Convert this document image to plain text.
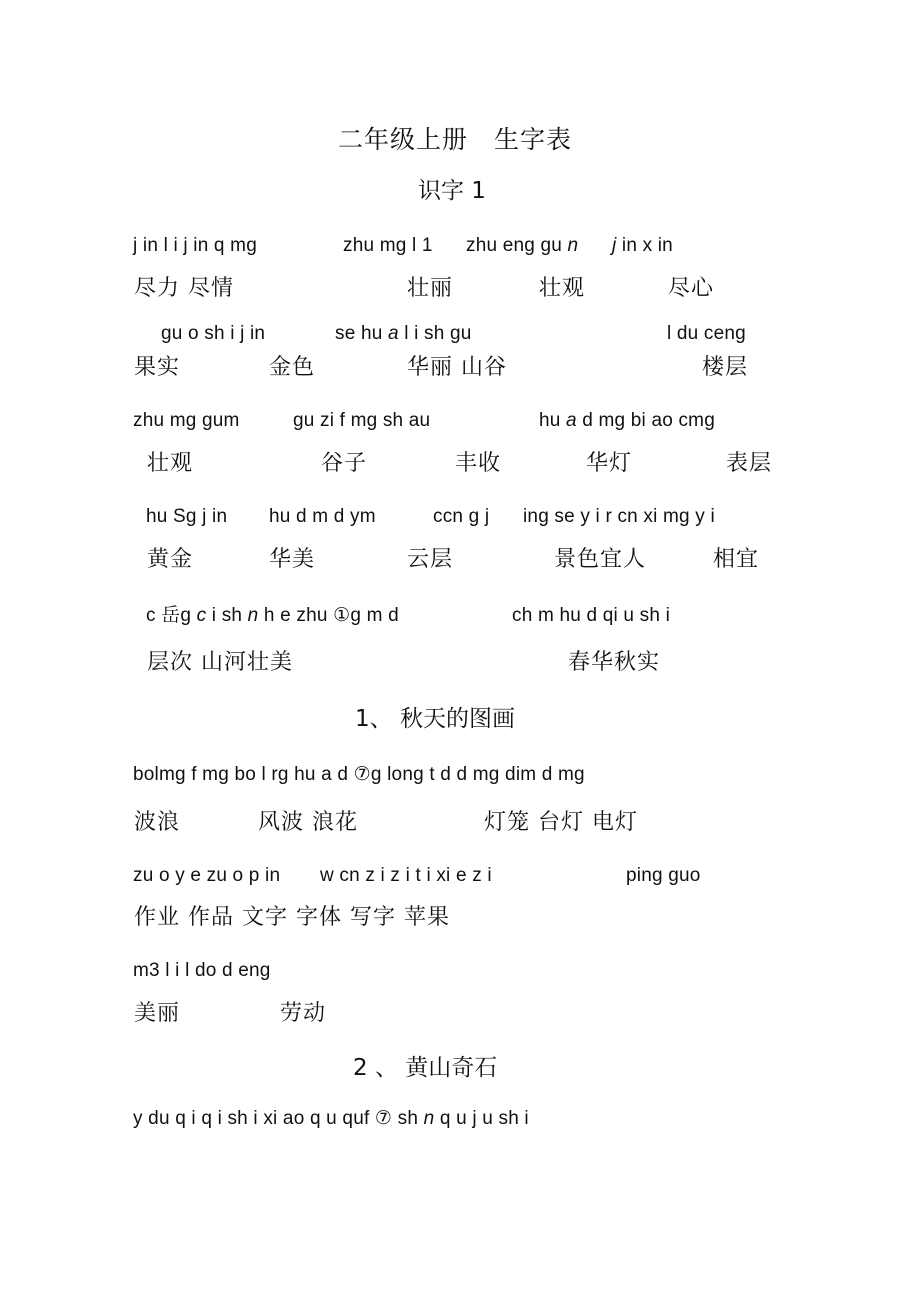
二年级上册　生字表
识字 1
j in l i j in q mg	zhu mg l 1 zhu eng gu n j in x in
尽力 尽情	壮丽	壮观	尽心
gu o sh i j in	se hu a l i sh gu	l du ceng
果实	金色	华丽 山谷	楼层
zhu mg gum	gu zi f mg sh au	hu a d mg bi ao cmg
壮观	谷子	丰收	华灯	表层
hu Sg j in hu d m d ym	ccn g j ing se y i r cn xi mg y i
黄金	华美	云层	景色宜人	相宜
c 岳g c i sh n h e zhu ①g m d	ch m hu d qi u sh i
层次 山河壮美	春华秋实
1、 秋天的图画
bolmg f mg bo l rg hu a d ⑦g long t d d mg dim d mg
波浪	风波 浪花	灯笼 台灯 电灯
zu o y e zu o p in w cn z i z i t i xi e z i	ping guo
作业 作品 文字 字体 写字 苹果
m3 l i l do d eng
美丽	劳动
2 、 黄山奇石
y du q i q i sh i xi ao q u quf ⑦ sh n q u j u sh i
